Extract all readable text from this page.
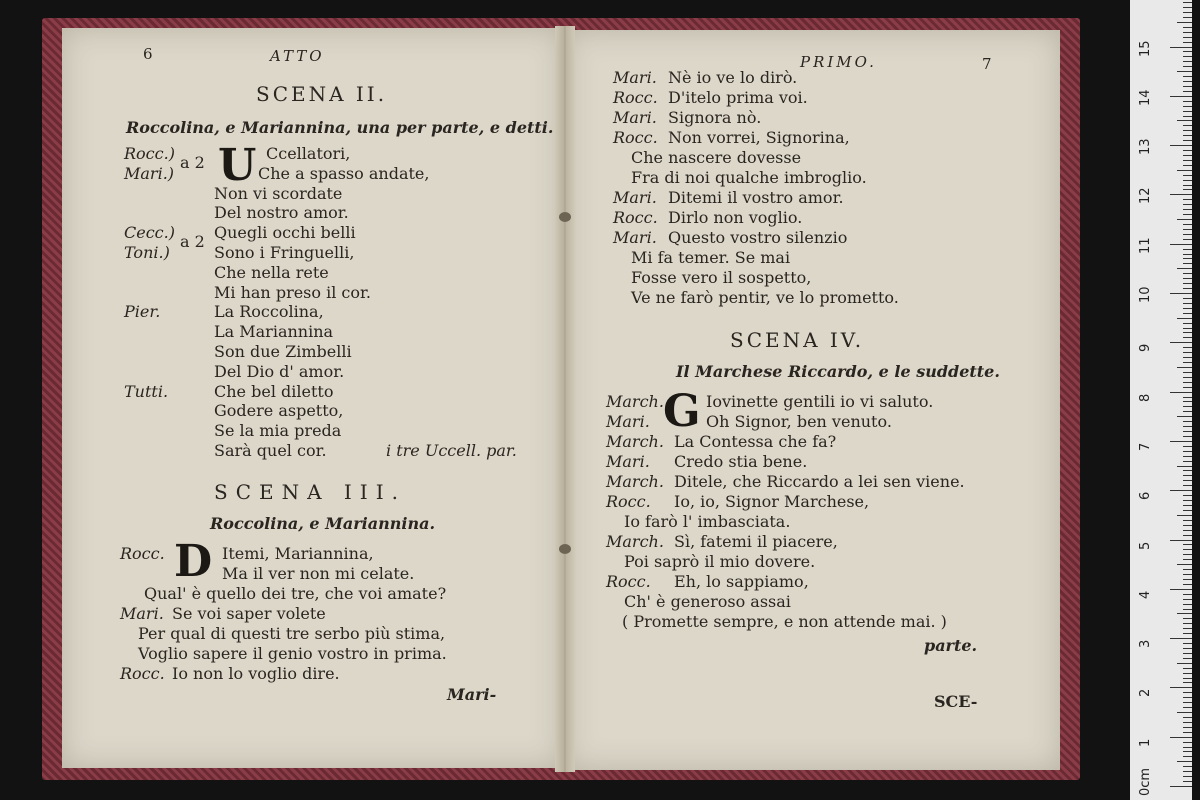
15
14
13
12
11
10
9
8
7
6
5
4
3
2
1
0cm
6	ATTO
SCENA II.
Roccolina, e Mariannina, una per parte, e detti.
U
Rocc.)	Ccellatori,
a 2
Mari.)	Che a spasso andate,
Non vi scordate
Del nostro amor.
Cecc.) Quegli occhi belli
a 2
Toni.)	Sono i Fringuelli,
Che nella rete
Mi han preso il cor.
Pier.	La Roccolina,
La Mariannina
Son due Zimbelli
Del Dio d' amor.
Tutti.	Che bel diletto
Godere aspetto,
Se la mia preda
Sarà quel cor.	i tre Uccell. par.
SCENA III.
Roccolina, e Mariannina.
D
Rocc.	Itemi, Mariannina,
Ma il ver non mi celate.
Qual' è quello dei tre, che voi amate?
Mari. Se voi saper volete
Per qual di questi tre serbo più stima,
Voglio sapere il genio vostro in prima.
Rocc. Io non lo voglio dire.
Mari-
PRIMO.	7
Mari. Nè io ve lo dirò.
Rocc. D'itelo prima voi.
Mari. Signora nò.
Rocc. Non vorrei, Signorina,
Che nascere dovesse
Fra di noi qualche imbroglio.
Mari. Ditemi il vostro amor.
Rocc. Dirlo non voglio.
Mari. Questo vostro silenzio
Mi fa temer. Se mai
Fosse vero il sospetto,
Ve ne farò pentir, ve lo prometto.
SCENA IV.
Il Marchese Riccardo, e le suddette.
G
March.	Iovinette gentili io vi saluto.
Mari.	Oh Signor, ben venuto.
March. La Contessa che fa?
Mari. Credo stia bene.
March. Ditele, che Riccardo a lei sen viene.
Rocc. Io, io, Signor Marchese,
Io farò l' imbasciata.
March. Sì, fatemi il piacere,
Poi saprò il mio dovere.
Rocc. Eh, lo sappiamo,
Ch' è generoso assai
( Promette sempre, e non attende mai. )
parte.
SCE-
